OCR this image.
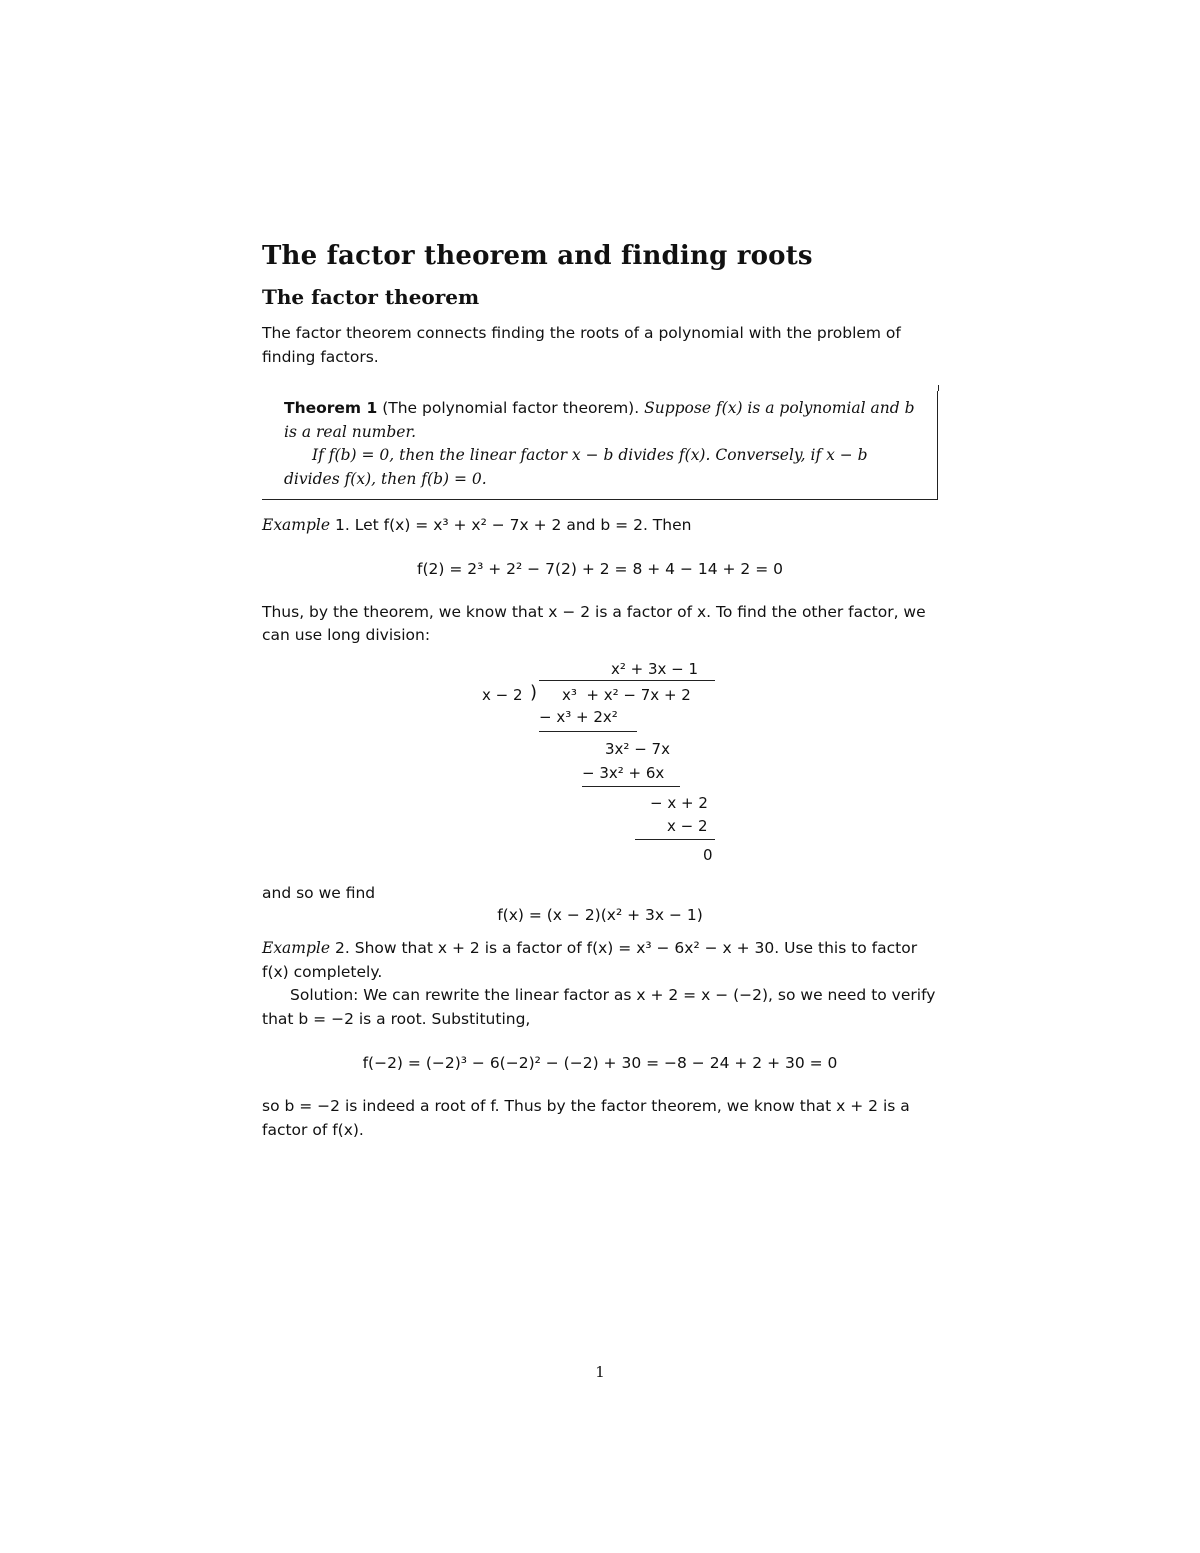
The factor theorem and finding roots
The factor theorem

The factor theorem connects finding the roots of a polynomial with the problem of finding factors.

Theorem 1 (The polynomial factor theorem). Suppose f(x) is a polynomial and b is a real number.
If f(b) = 0, then the linear factor x − b divides f(x). Conversely, if x − b divides f(x), then f(b) = 0.

Example 1. Let f(x) = x³ + x² − 7x + 2 and b = 2. Then

f(2) = 2³ + 2² − 7(2) + 2 = 8 + 4 − 14 + 2 = 0

Thus, by the theorem, we know that x − 2 is a factor of x. To find the other factor, we can use long division:

x² + 3x − 1
x − 2 ) x³  + x² − 7x + 2
− x³ + 2x²
3x² − 7x
− 3x² + 6x
− x + 2
x − 2
0

and so we find

f(x) = (x − 2)(x² + 3x − 1)

Example 2. Show that x + 2 is a factor of f(x) = x³ − 6x² − x + 30. Use this to factor f(x) completely.

Solution: We can rewrite the linear factor as x + 2 = x − (−2), so we need to verify that b = −2 is a root. Substituting,

f(−2) = (−2)³ − 6(−2)² − (−2) + 30 = −8 − 24 + 2 + 30 = 0

so b = −2 is indeed a root of f. Thus by the factor theorem, we know that x + 2 is a factor of f(x).

1
